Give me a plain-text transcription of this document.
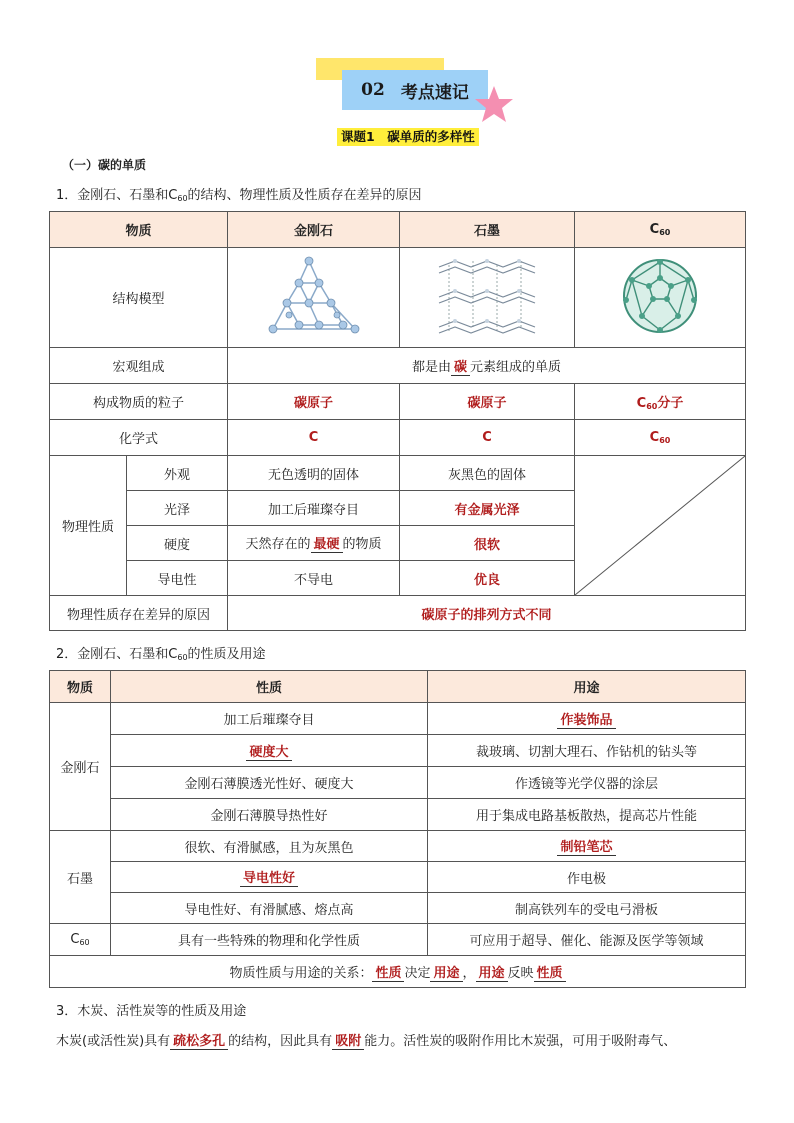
02 考点速记
课题1　碳单质的多样性
（一）碳的单质
1．金刚石、石墨和$C_{60}$的结构、物理性质及性质存在差异的原因
物质		金刚石	石墨	$C_{60}$
结构模型			
宏观组成		都是由 碳 元素组成的单质		
构成物质的粒子		碳原子	碳原子	$C_{60}$分子
化学式		C	C	$C_{60}$
物理性质	外观	无色透明的固体	灰黑色的固体	

	光泽	加工后璀璨夺目	有金属光泽	
	硬度	天然存在的 最硬 的物质	很软	
	导电性	不导电	优良	
物理性质存在差异的原因		碳原子的排列方式不同		
2．金刚石、石墨和$C_{60}$的性质及用途
物质	性质	用途
金刚石	加工后璀璨夺目	作装饰品
	硬度大	裁玻璃、切割大理石、作钻机的钻头等
	金刚石薄膜透光性好、硬度大	作透镜等光学仪器的涂层
	金刚石薄膜导热性好	用于集成电路基板散热，提高芯片性能
石墨	很软、有滑腻感，且为灰黑色	制铅笔芯
	导电性好	作电极
	导电性好、有滑腻感、熔点高	制高铁列车的受电弓滑板
$C_{60}$	具有一些特殊的物理和化学性质	可应用于超导、催化、能源及医学等领域
物质性质与用途的关系： 性质 决定 用途 ， 用途 反映 性质		
3．木炭、活性炭等的性质及用途
木炭(或活性炭)具有 疏松多孔 的结构，因此具有 吸附 能力。活性炭的吸附作用比木炭强，可用于吸附毒气、
